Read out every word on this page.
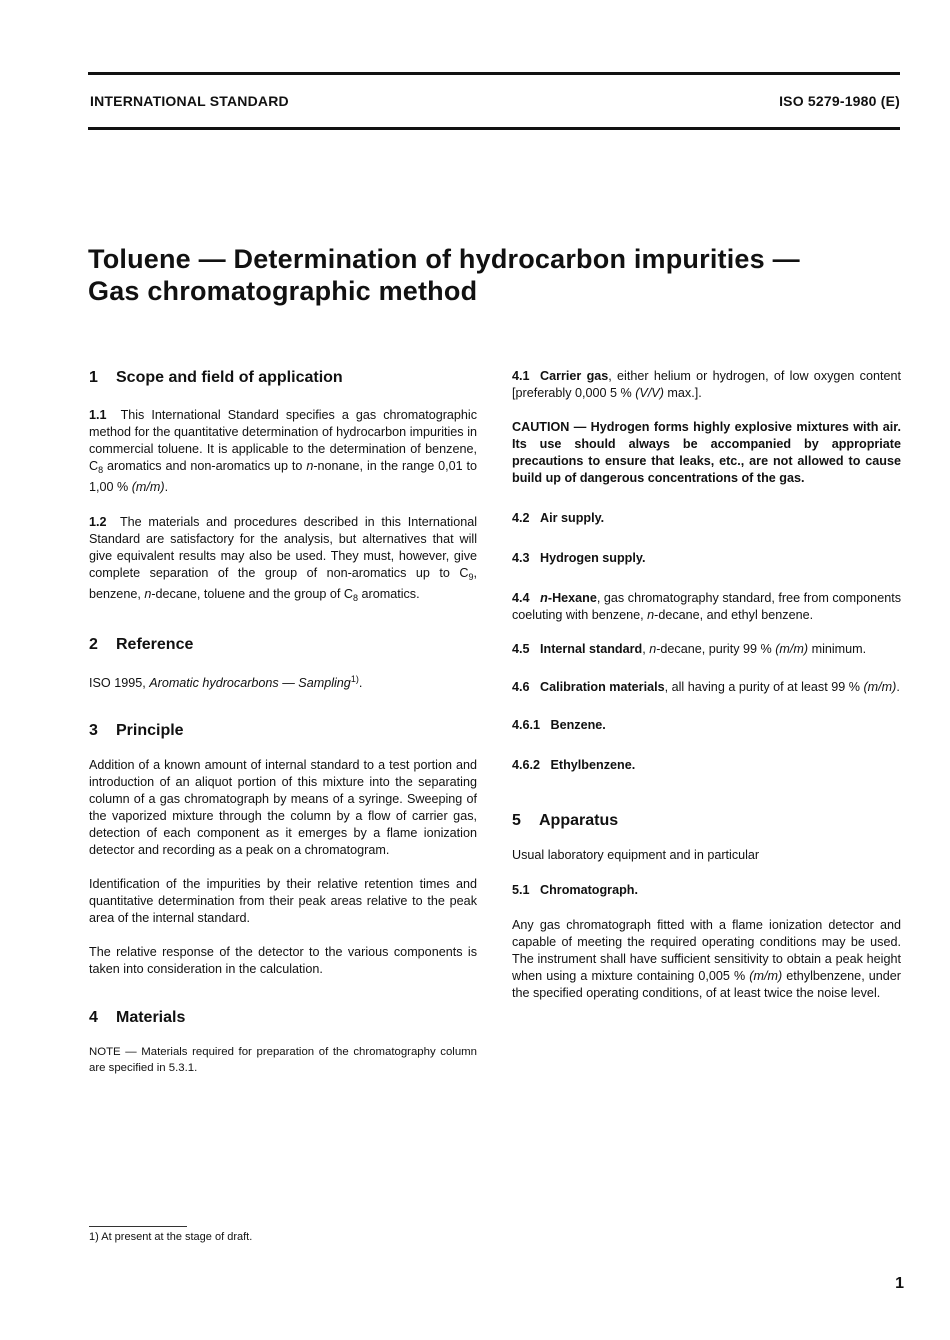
INTERNATIONAL STANDARD	ISO 5279-1980 (E)
Toluene — Determination of hydrocarbon impurities —
Gas chromatographic method
1 Scope and field of application

1.1 This International Standard specifies a gas chromatographic method for the quantitative determination of hydrocarbon impurities in commercial toluene. It is applicable to the determination of benzene, $C_8$ aromatics and non-aromatics up to n-nonane, in the range 0,01 to 1,00 % (m/m).

1.2 The materials and procedures described in this International Standard are satisfactory for the analysis, but alternatives that will give equivalent results may also be used. They must, however, give complete separation of the group of non-aromatics up to $C_9$, benzene, n-decane, toluene and the group of $C_8$ aromatics.

2 Reference

ISO 1995, Aromatic hydrocarbons — Sampling$^{1)}$.

3 Principle

Addition of a known amount of internal standard to a test portion and introduction of an aliquot portion of this mixture into the separating column of a gas chromatograph by means of a syringe. Sweeping of the vaporized mixture through the column by a flow of carrier gas, detection of each component as it emerges by a flame ionization detector and recording as a peak on a chromatogram.

Identification of the impurities by their relative retention times and quantitative determination from their peak areas relative to the peak area of the internal standard.

The relative response of the detector to the various components is taken into consideration in the calculation.

4 Materials

NOTE — Materials required for preparation of the chromatography column are specified in 5.3.1.

4.1 Carrier gas, either helium or hydrogen, of low oxygen content [preferably 0,000 5 % (V/V) max.].

CAUTION — Hydrogen forms highly explosive mixtures with air. Its use should always be accompanied by appropriate precautions to ensure that leaks, etc., are not allowed to cause build up of dangerous concentrations of the gas.

4.2 Air supply.

4.3 Hydrogen supply.

4.4 n-Hexane, gas chromatography standard, free from components coeluting with benzene, n-decane, and ethyl benzene.

4.5 Internal standard, n-decane, purity 99 % (m/m) minimum.

4.6 Calibration materials, all having a purity of at least 99 % (m/m).

4.6.1 Benzene.

4.6.2 Ethylbenzene.

5 Apparatus

Usual laboratory equipment and in particular

5.1 Chromatograph.

Any gas chromatograph fitted with a flame ionization detector and capable of meeting the required operating conditions may be used. The instrument shall have sufficient sensitivity to obtain a peak height when using a mixture containing 0,005 % (m/m) ethylbenzene, under the specified operating conditions, of at least twice the noise level.

1) At present at the stage of draft.
1
